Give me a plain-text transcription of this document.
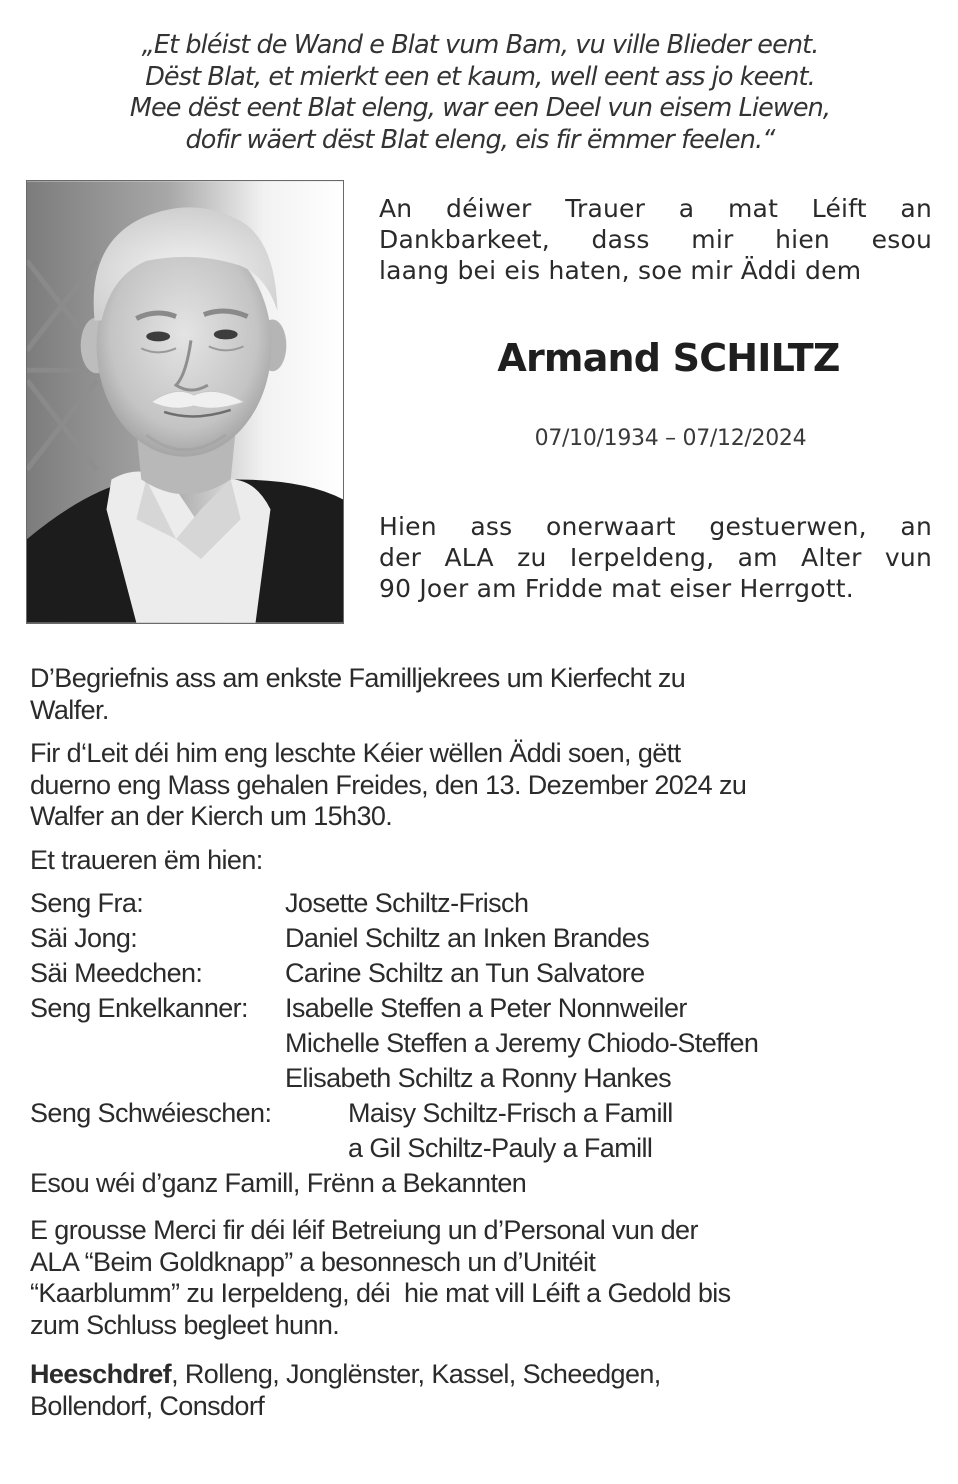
„Et bléist de Wand e Blat vum Bam, vu ville Blieder eent.
Dëst Blat, et mierkt een et kaum, well eent ass jo keent.
Mee dëst eent Blat eleng, war een Deel vun eisem Liewen,
dofir wäert dëst Blat eleng, eis fir ëmmer feelen.“
An déiwer Trauer a mat Léift an
Dankbarkeet, dass mir hien esou
laang bei eis haten, soe mir Äddi dem
Armand SCHILTZ
07/10/1934 – 07/12/2024
Hien ass onerwaart gestuerwen, an
der ALA zu Ierpeldeng, am Alter vun
90 Joer am Fridde mat eiser Herrgott.
D’Begriefnis ass am enkste Familljekrees um Kierfecht zu
Walfer.
Fir d‘Leit déi him eng leschte Kéier wëllen Äddi soen, gëtt
duerno eng Mass gehalen Freides, den 13. Dezember 2024 zu
Walfer an der Kierch um 15h30.
Et traueren ëm hien:
Seng Fra:	Josette Schiltz-Frisch
Säi Jong:	Daniel Schiltz an Inken Brandes
Säi Meedchen:	Carine Schiltz an Tun Salvatore
Seng Enkelkanner:	Isabelle Steffen a Peter Nonnweiler
Michelle Steffen a Jeremy Chiodo-Steffen
Elisabeth Schiltz a Ronny Hankes
Seng Schwéieschen:	Maisy Schiltz-Frisch a Famill
a Gil Schiltz-Pauly a Famill
Esou wéi d’ganz Famill, Frënn a Bekannten
E grousse Merci fir déi léif Betreiung un d’Personal vun der
ALA “Beim Goldknapp” a besonnesch un d’Unitéit
“Kaarblumm” zu Ierpeldeng, déi  hie mat vill Léift a Gedold bis
zum Schluss begleet hunn.
Heeschdref, Rolleng, Jonglënster, Kassel, Scheedgen,
Bollendorf, Consdorf
